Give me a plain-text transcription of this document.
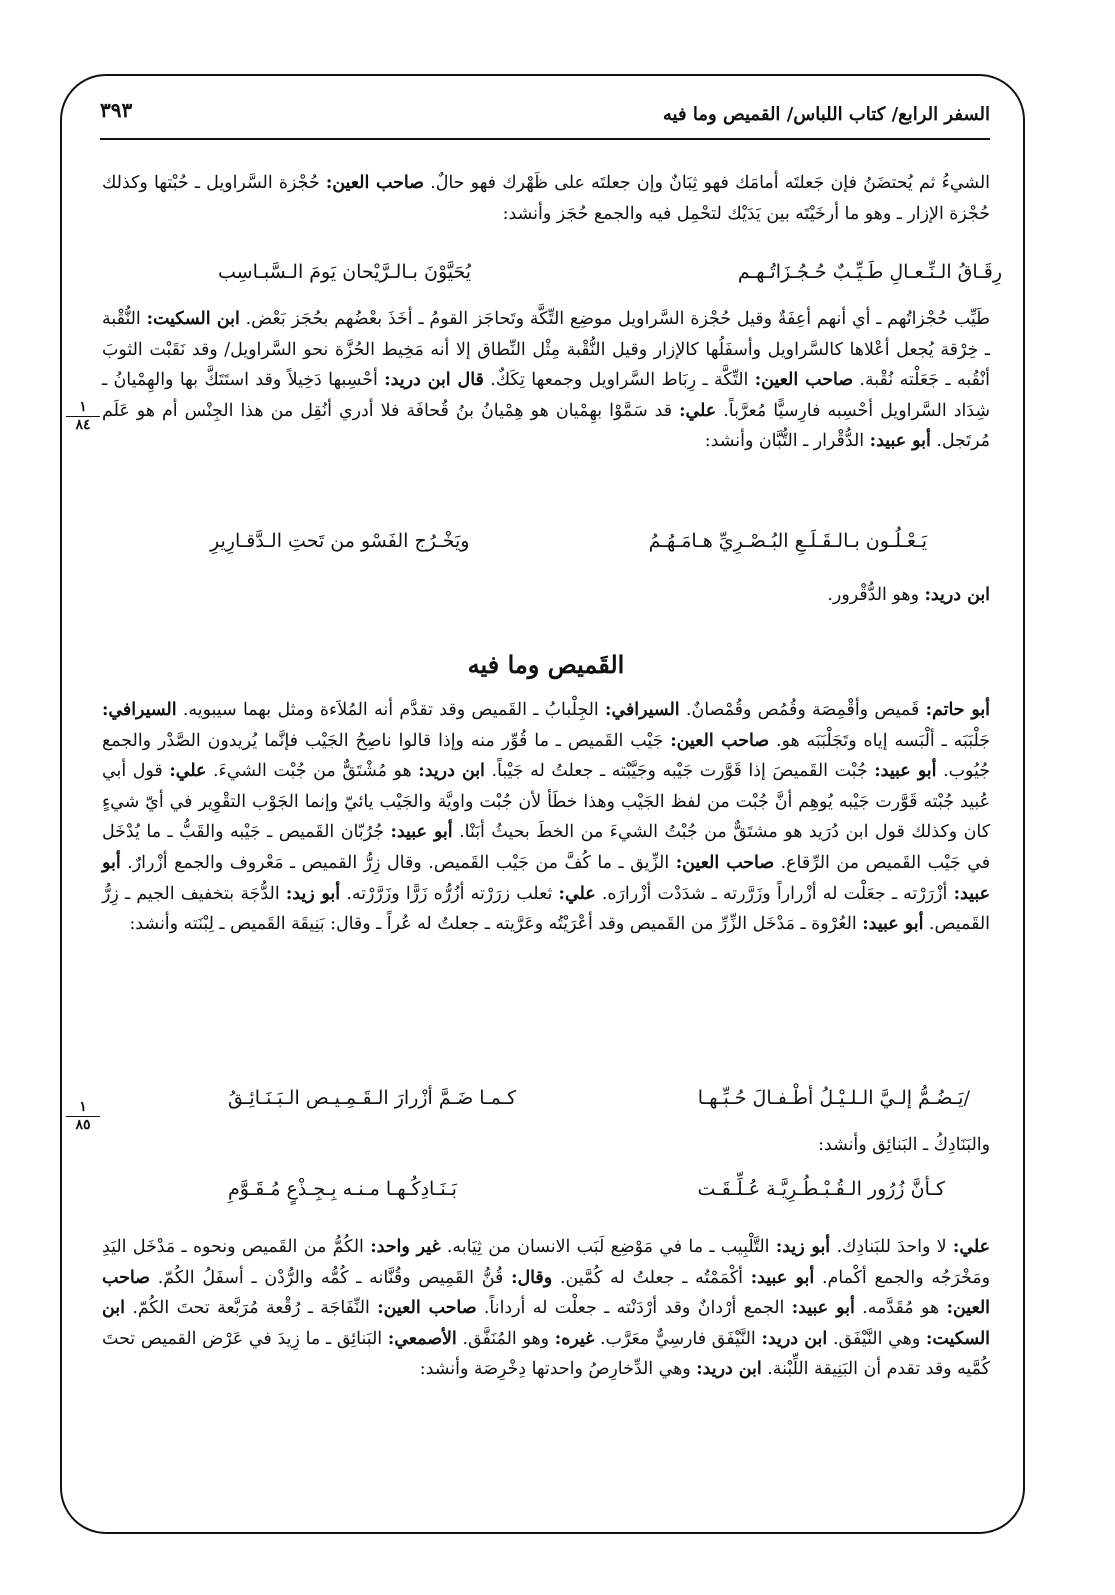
السفر الرابع/ كتاب اللباس/ القميص وما فيه
٣٩٣
١
٨٤
١
٨٥
الشيءُ ثم يُحتضَنُ فإن جَعلتَه أمامَك فهو ثِبَانٌ وإن جعلتَه على ظَهْرك فهو حالٌ. صاحب العين: حُجْزة السَّراويل ـ حُبْتها وكذلك حُجْزة الإزار ـ وهو ما أرخَيْتَه بين يَدَيْك لتحْمِل فيه والجمع حُجَز وأنشد:
رِقَـاقُ الـنِّـعـالِ طَـيِّـبٌ حُـجُـزَاتُـهـم
يُحَيَّوْنَ بـالـرَّيْحان يَومَ الـسَّبـاسِب
طَيِّب حُجْزاتُهم ـ أي أنهم أعِفَةٌ وقيل حُجْزة السَّراويل موضِع التِّكَّة وتَحاجَز القومُ ـ أخَذَ بعْضُهم بحُجَز بَعْض. ابن السكيت: النُّقْبة ـ خِرْقة يُجعل أعْلاها كالسَّراويل وأسفَلُها كالإزار وقيل النُّقْبة مِثْل النِّطاق إلا أنه مَخِيط الحُزَّة نحو السَّراويل/ وقد نَقَبْت الثوبَ أنْقُبه ـ جَعَلْته نُقْبة. صاحب العين: التِّكَّة ـ رِبَاط السَّراويل وجمعها تِكَكٌ. قال ابن دريد: أحْسِبها دَخِيلاً وقد استَتَكَّ بها والهِمْيانُ ـ شِدَاد السَّراويل أحْسِبه فارِسيًّا مُعرَّباً. علي: قد سَمَّوْا بهِمْيان هو هِمْيانُ بنُ قُحافَة فلا أدري أنُقِل من هذا الجِنْس أم هو عَلَم مُرتَجل. أبو عبيد: الدُّقْرار ـ التُّبَّان وأنشد:
يَـعْـلُـون بـالـقَـلَـعِ البُـصْـرِيِّ هـامَـهُـمُ
ويَخْـرُج الفَسْو من تَحتِ الـدَّقـارِيرِ
ابن دريد: وهو الدُّقْرور.
القَميص وما فيه
أبو حاتم: قَميص وأقْمِصَة وقُمُص وقُمْصانٌ. السيرافي: الجِلْبابُ ـ القَميص وقد تقدَّم أنه المُلاَءة ومثل بهما سيبويه. السيرافي: جَلْبَبَه ـ ألْبَسه إياه وتَجَلْبَبَه هو. صاحب العين: جَيْب القَميص ـ ما قُوِّر منه وإذا قالوا ناصِحُ الجَيْب فإنَّما يُريدون الصَّدْر والجمع جُيُوب. أبو عبيد: جُبْت القَميصَ إذا قَوَّرت جَيْبه وجَيَّبْته ـ جعلتُ له جَيْباً. ابن دريد: هو مُشْتَقٌّ من جُبْت الشيءَ. علي: قول أبي عُبيد جُبْته قَوَّرت جَيْبه يُوهِم أنَّ جُبْت من لفظ الجَيْب وهذا خطَأ لأن جُبْت واويَّة والجَيْب يائيّ وإنما الجَوْب التقْوِير في أيّ شيءٍ كان وكذلك قول ابن دُرَيد هو مشتَقٌّ من جُبْتُ الشيءَ من الخطَ بحيثُ أبَنْا. أبو عبيد: جُرُبّان القَميص ـ جَيْبه والقَبُّ ـ ما يُدْخَل في جَيْب القَميص من الرِّقاع. صاحب العين: الزِّيق ـ ما كُفَّ من جَيْب القَميص. وقال زِرُّ القميص ـ مَعْروف والجمع أزْرارٌ. أبو عبيد: أزْرَرْته ـ جعَلْت له أزْراراً وزَرَّرته ـ شدَدْت أزْرارَه. علي: ثعلب زرَرْته أزُرُّه زَرًّا وزَرَّرْته. أبو زيد: الدُّجَة بتخفيف الجيم ـ زِرُّ القَميص. أبو عبيد: العُرْوة ـ مَدْخَل الزِّرِّ من القَميص وقد أعْرَيْتُه وعَرَّيته ـ جعلتُ له عُراً ـ وقال: بَنِيقَة القَميص ـ لِبْنَته وأنشد:
/يَـضُـمُّ إلـيَّ الـلـيْـلُ أطْـفـالَ حُـبِّـهـا
كـمـا ضَـمَّ أزْرارَ الـقَـمِـيـص الـبَـنَـائِـقُ
والبَنَادِكُ ـ البَنائِق وأنشد:
كـأنَّ زُرُور الـقُـبْـطُـرِيَّـة عُـلِّـقَـت
بَـنَـادِكُـهـا مـنـه بِـجِـذْعٍ مُـقَـوَّمِ
علي: لا واحدَ للبَنادِك. أبو زيد: التَّلْبِيب ـ ما في مَوْضِع لَبَب الانسان من ثِيَابه. غير واحد: الكُمُّ من القَميص ونحوه ـ مَدْخَل اليَدِ ومَخْرَجُه والجمع أكْمام. أبو عبيد: أكْمَمْتُه ـ جعلتُ له كُمَّين. وقال: قُنُّ القَمِيص وقُنَّانه ـ كُمُّه والرُّدْن ـ أسفَلُ الكُمّ. صاحب العين: هو مُقَدَّمه. أبو عبيد: الجمع أرْدانٌ وقد أرْدَنْته ـ جعلْت له أرداناً. صاحب العين: النِّفَاجَة ـ رُقْعة مُرَبَّعة تحتَ الكُمّ. ابن السكيت: وهي النَّيْفَق. ابن دريد: النَّيْفَق فارسِيٌّ معَرَّب. غيره: وهو المُنَفَّق. الأصمعي: البَنائِق ـ ما زِيدَ في عَرْض القميص تحتَ كُمَّيه وقد تقدم أن البَنِيقة اللِّبْنة. ابن دريد: وهي الدِّخارِصُ واحدتها دِخْرِصَة وأنشد:
